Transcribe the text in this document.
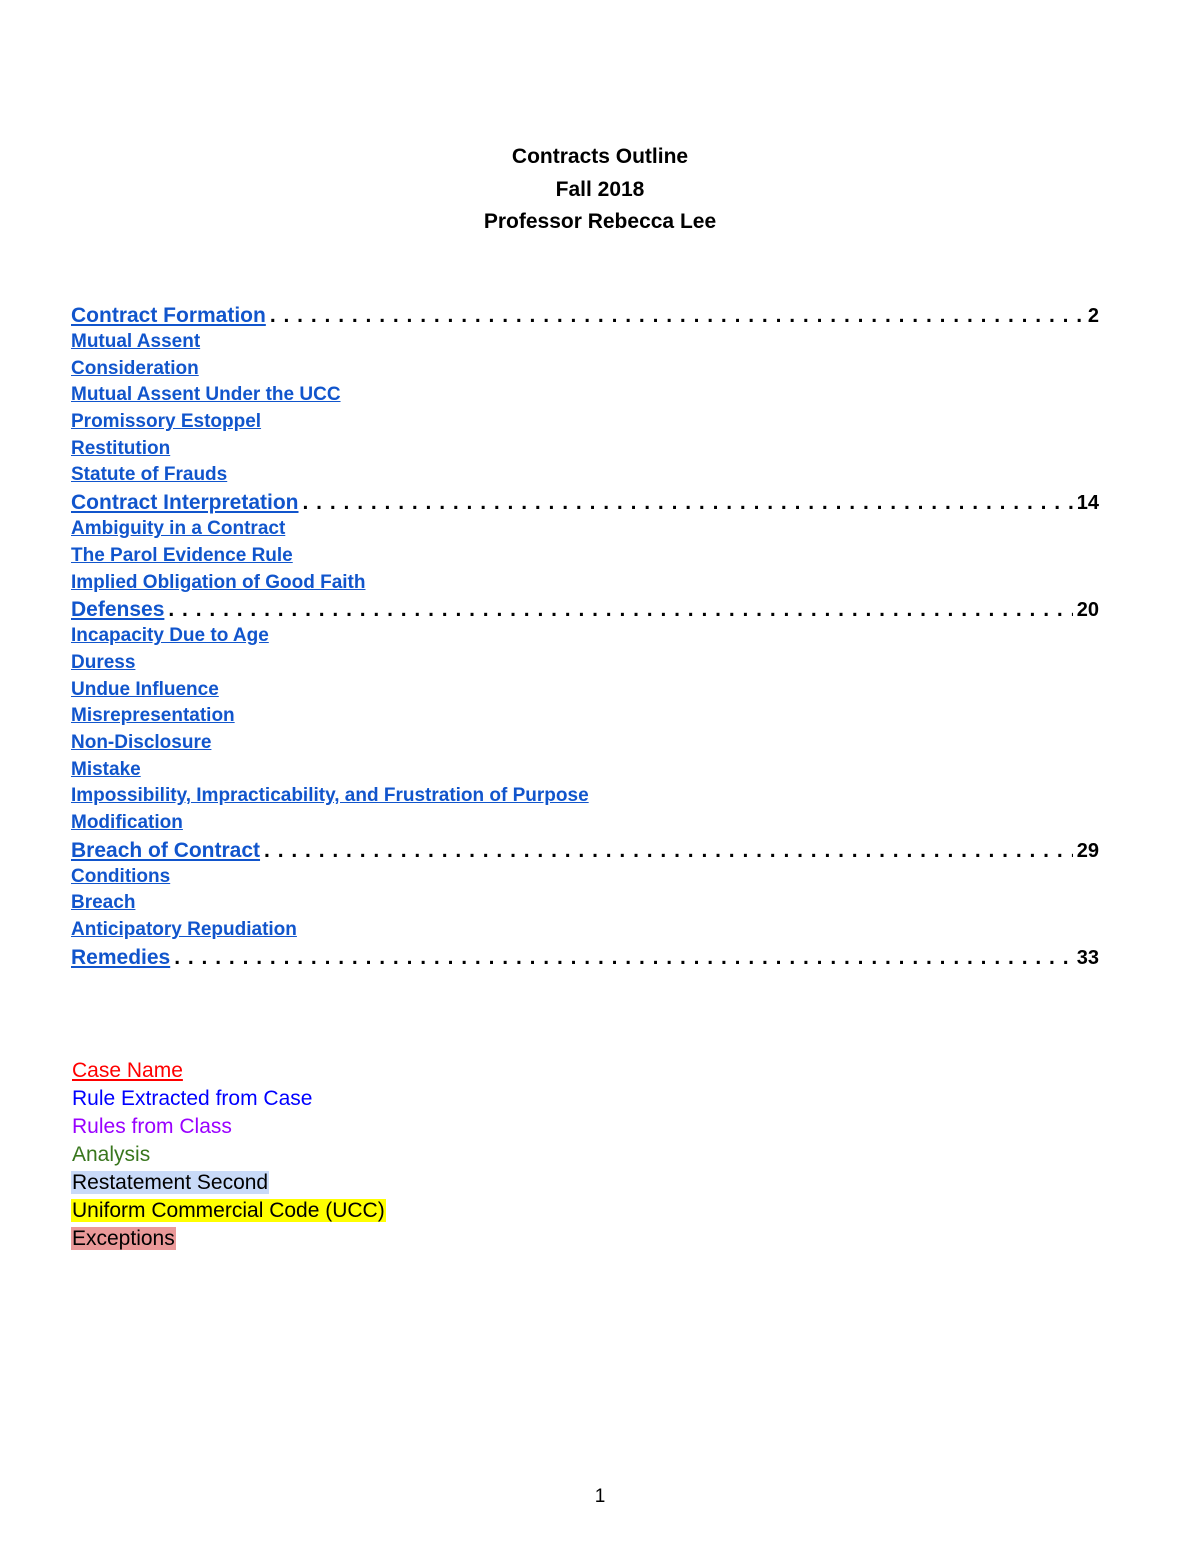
Contracts Outline
Fall 2018
Professor Rebecca Lee
Contract Formation . . .	2
Mutual Assent
Consideration
Mutual Assent Under the UCC
Promissory Estoppel
Restitution
Statute of Frauds
Contract Interpretation . . .	14
Ambiguity in a Contract
The Parol Evidence Rule
Implied Obligation of Good Faith
Defenses . . .	20
Incapacity Due to Age
Duress
Undue Influence
Misrepresentation
Non-Disclosure
Mistake
Impossibility, Impracticability, and Frustration of Purpose
Modification
Breach of Contract . . .	29
Conditions
Breach
Anticipatory Repudiation
Remedies . . .	33
Case Name
Rule Extracted from Case
Rules from Class
Analysis
Restatement Second
Uniform Commercial Code (UCC)
Exceptions
1
